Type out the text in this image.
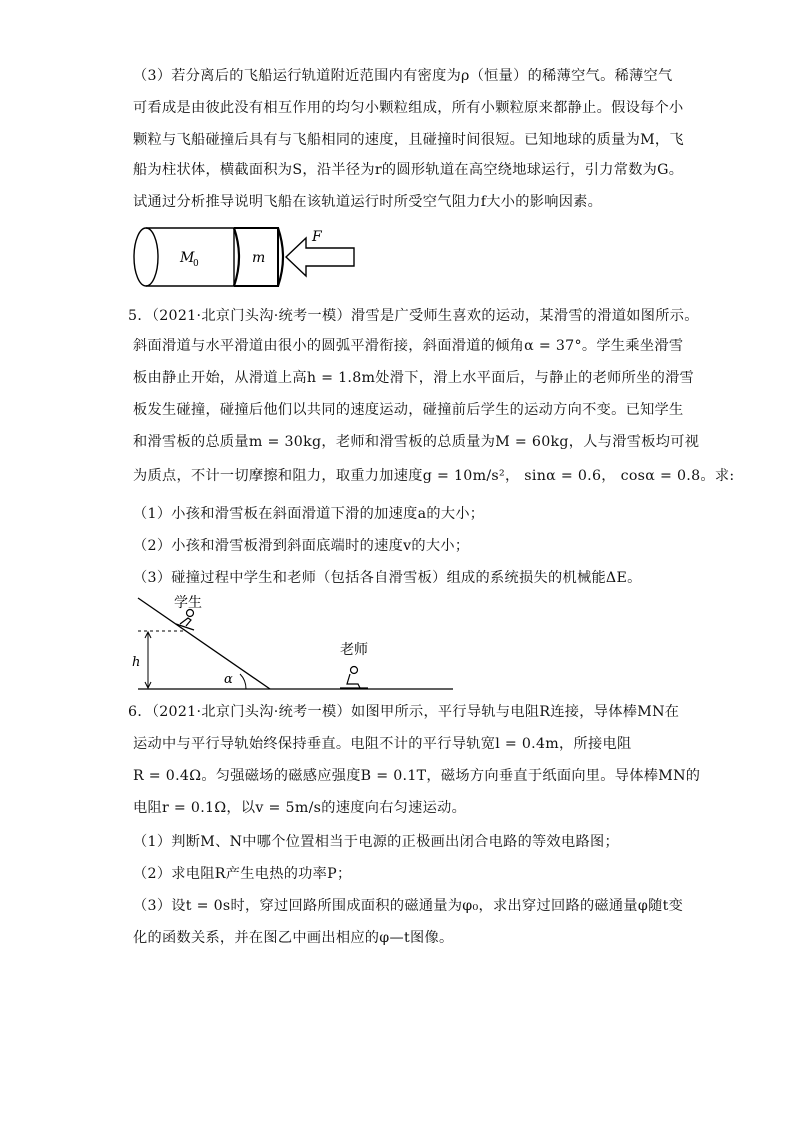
（3）若分离后的飞船运行轨道附近范围内有密度为ρ（恒量）的稀薄空气。稀薄空气
可看成是由彼此没有相互作用的均匀小颗粒组成，所有小颗粒原来都静止。假设每个小
颗粒与飞船碰撞后具有与飞船相同的速度，且碰撞时间很短。已知地球的质量为M，飞
船为柱状体，横截面积为S，沿半径为r的圆形轨道在高空绕地球运行，引力常数为G。
试通过分析推导说明飞船在该轨道运行时所受空气阻力f大小的影响因素。
M
0	m
F
5．（2021·北京门头沟·统考一模）滑雪是广受师生喜欢的运动，某滑雪的滑道如图所示。
斜面滑道与水平滑道由很小的圆弧平滑衔接，斜面滑道的倾角α = 37°。学生乘坐滑雪
板由静止开始，从滑道上高h = 1.8m处滑下，滑上水平面后，与静止的老师所坐的滑雪
板发生碰撞，碰撞后他们以共同的速度运动，碰撞前后学生的运动方向不变。已知学生
和滑雪板的总质量m = 30kg，老师和滑雪板的总质量为M = 60kg，人与滑雪板均可视
为质点，不计一切摩擦和阻力，取重力加速度g = 10m/s²， sinα = 0.6， cosα = 0.8。求:
（1）小孩和滑雪板在斜面滑道下滑的加速度a的大小；
（2）小孩和滑雪板滑到斜面底端时的速度v的大小；
（3）碰撞过程中学生和老师（包括各自滑雪板）组成的系统损失的机械能ΔE。
h
α
学生
老师
6．（2021·北京门头沟·统考一模）如图甲所示，平行导轨与电阻R连接，导体棒MN在
运动中与平行导轨始终保持垂直。电阻不计的平行导轨宽l = 0.4m，所接电阻
R = 0.4Ω。匀强磁场的磁感应强度B = 0.1T，磁场方向垂直于纸面向里。导体棒MN的
电阻r = 0.1Ω，以v = 5m/s的速度向右匀速运动。
（1）判断M、N中哪个位置相当于电源的正极画出闭合电路的等效电路图；
（2）求电阻R产生电热的功率P；
（3）设t = 0s时，穿过回路所围成面积的磁通量为φ₀，求出穿过回路的磁通量φ随t变
化的函数关系，并在图乙中画出相应的φ—t图像。
